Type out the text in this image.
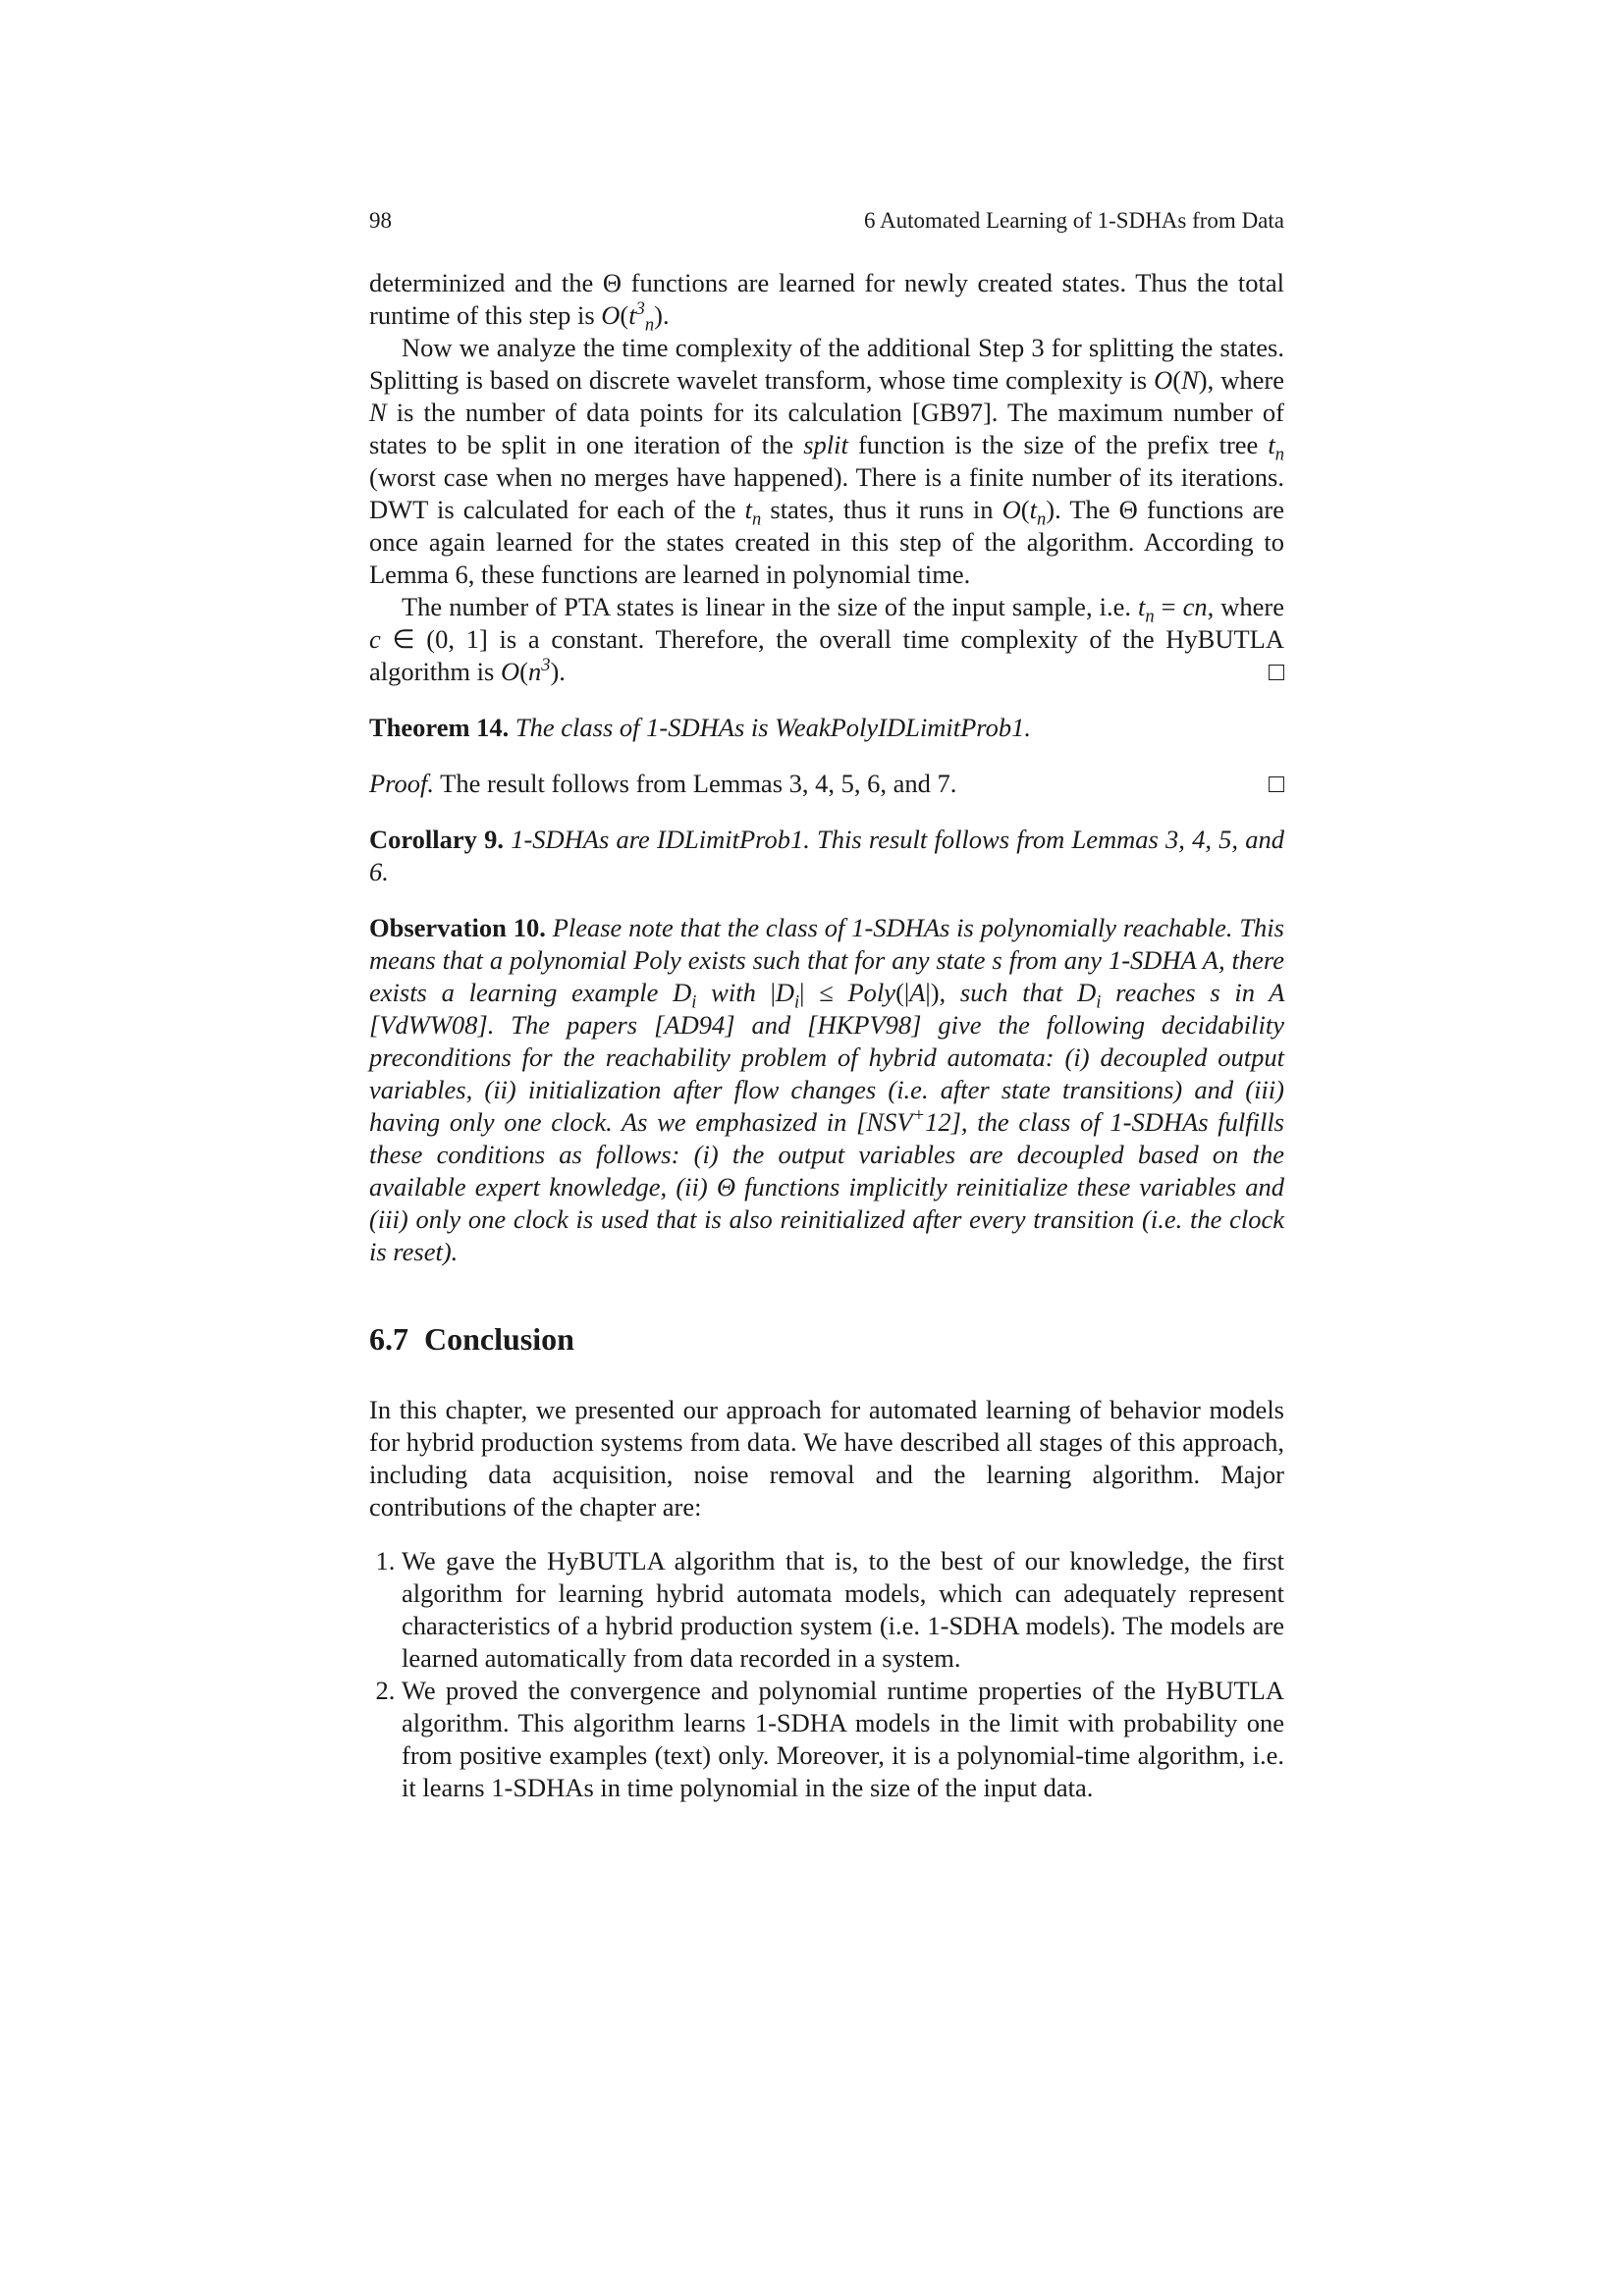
98	6 Automated Learning of 1-SDHAs from Data

determinized and the Θ functions are learned for newly created states. Thus the total runtime of this step is $O(t^3_n)$.

Now we analyze the time complexity of the additional Step 3 for splitting the states. Splitting is based on discrete wavelet transform, whose time complexity is O(N), where N is the number of data points for its calculation [GB97]. The maximum number of states to be split in one iteration of the split function is the size of the prefix tree $t_n$ (worst case when no merges have happened). There is a finite number of its iterations. DWT is calculated for each of the $t_n$ states, thus it runs in $O(t_n)$. The Θ functions are once again learned for the states created in this step of the algorithm. According to Lemma 6, these functions are learned in polynomial time.

The number of PTA states is linear in the size of the input sample, i.e. $t_n$ = cn, where c ∈ (0, 1] is a constant. Therefore, the overall time complexity of the HyBUTLA algorithm is $O(n^3)$.	□

Theorem 14. The class of 1-SDHAs is WeakPolyIDLimitProb1.

Proof. The result follows from Lemmas 3, 4, 5, 6, and 7.	□

Corollary 9. 1-SDHAs are IDLimitProb1. This result follows from Lemmas 3, 4, 5, and 6.

Observation 10. Please note that the class of 1-SDHAs is polynomially reachable. This means that a polynomial Poly exists such that for any state s from any 1-SDHA A, there exists a learning example $D_i$ with $|D_i|$ ≤ Poly(|A|), such that $D_i$ reaches s in A [VdWW08]. The papers [AD94] and [HKPV98] give the following decidability preconditions for the reachability problem of hybrid automata: (i) decoupled output variables, (ii) initialization after flow changes (i.e. after state transitions) and (iii) having only one clock. As we emphasized in [NSV+12], the class of 1-SDHAs fulfills these conditions as follows: (i) the output variables are decoupled based on the available expert knowledge, (ii) Θ functions implicitly reinitialize these variables and (iii) only one clock is used that is also reinitialized after every transition (i.e. the clock is reset).

6.7 Conclusion

In this chapter, we presented our approach for automated learning of behavior models for hybrid production systems from data. We have described all stages of this approach, including data acquisition, noise removal and the learning algorithm. Major contributions of the chapter are:

1. We gave the HyBUTLA algorithm that is, to the best of our knowledge, the first algorithm for learning hybrid automata models, which can adequately represent characteristics of a hybrid production system (i.e. 1-SDHA models). The models are learned automatically from data recorded in a system.
2. We proved the convergence and polynomial runtime properties of the HyBUTLA algorithm. This algorithm learns 1-SDHA models in the limit with probability one from positive examples (text) only. Moreover, it is a polynomial-time algorithm, i.e. it learns 1-SDHAs in time polynomial in the size of the input data.
